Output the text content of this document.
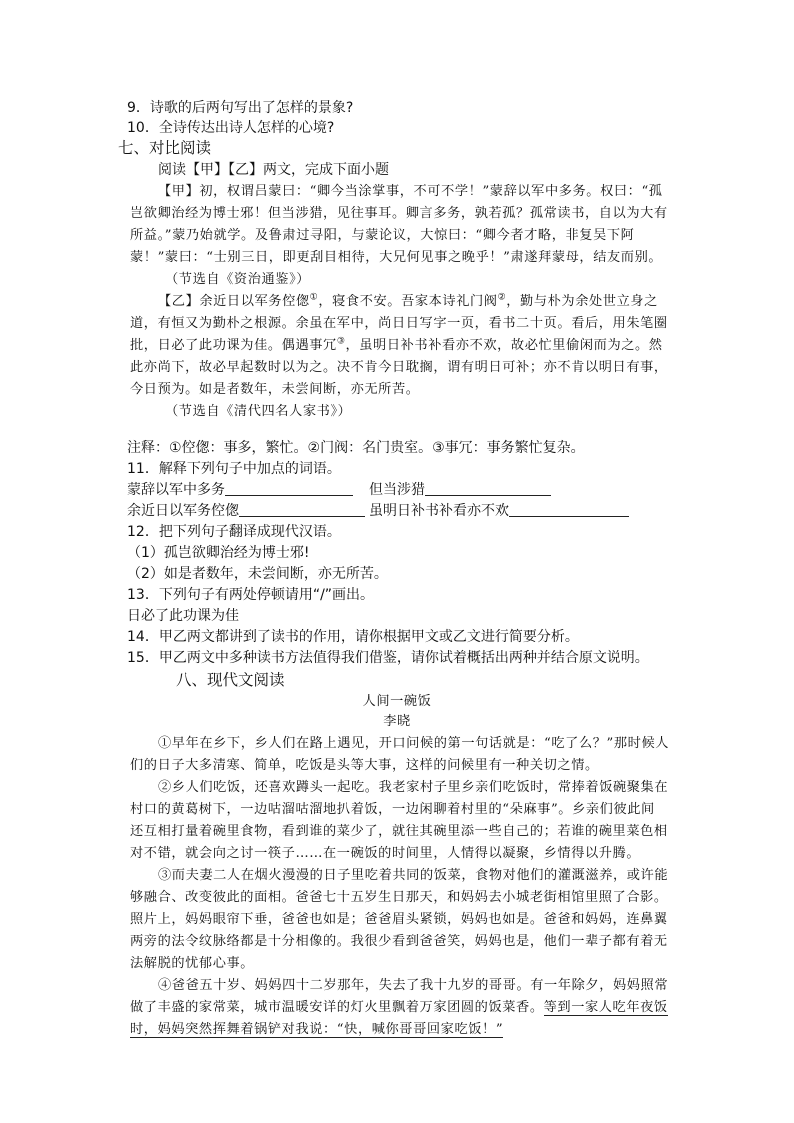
9．诗歌的后两句写出了怎样的景象?
10．全诗传达出诗人怎样的心境?
七、对比阅读
阅读【甲】【乙】两文，完成下面小题
【甲】初，权谓吕蒙曰：“卿今当涂掌事，不可不学！”蒙辞以军中多务。权曰：“孤
岂欲卿治经为博士邪！但当涉猎，见往事耳。卿言多务，孰若孤？孤常读书，自以为大有
所益。”蒙乃始就学。及鲁肃过寻阳，与蒙论议，大惊曰：“卿今者才略，非复吴下阿
蒙！”蒙曰：“士别三日，即更刮目相待，大兄何见事之晚乎！”肃遂拜蒙母，结友而别。
（节选自《资治通鉴》）
【乙】余近日以军务倥偬①，寝食不安。吾家本诗礼门阀②，勤与朴为余处世立身之
道，有恒又为勤朴之根源。余虽在军中，尚日日写字一页，看书二十页。看后，用朱笔圈
批，日必了此功课为佳。偶遇事冗③，虽明日补书补看亦不欢，故必忙里偷闲而为之。然
此亦尚下，故必早起数时以为之。决不肯今日耽搁，谓有明日可补；亦不肯以明日有事，
今日预为。如是者数年，未尝间断，亦无所苦。
（节选自《清代四名人家书》）
注释：①倥偬：事多，繁忙。②门阀：名门贵室。③事冗：事务繁忙复杂。
11．解释下列句子中加点的词语。
蒙辞以军中多务	但当涉猎
余近日以军务倥偬	虽明日补书补看亦不欢
12．把下列句子翻译成现代汉语。
（1）孤岂欲卿治经为博士邪!
（2）如是者数年，未尝间断，亦无所苦。
13．下列句子有两处停顿请用“/”画出。
日必了此功课为佳
14．甲乙两文都讲到了读书的作用，请你根据甲文或乙文进行简要分析。
15．甲乙两文中多种读书方法值得我们借鉴，请你试着概括出两种并结合原文说明。
八、现代文阅读
人间一碗饭
李晓
①早年在乡下，乡人们在路上遇见，开口问候的第一句话就是：“吃了么？”那时候人
们的日子大多清寒、简单，吃饭是头等大事，这样的问候里有一种关切之情。
②乡人们吃饭，还喜欢蹲头一起吃。我老家村子里乡亲们吃饭时，常捧着饭碗聚集在
村口的黄葛树下，一边咕溜咕溜地扒着饭，一边闲聊着村里的“朵麻事”。乡亲们彼此间
还互相打量着碗里食物，看到谁的菜少了，就往其碗里添一些自己的；若谁的碗里菜色相
对不错，就会向之讨一筷子……在一碗饭的时间里，人情得以凝聚，乡情得以升腾。
③而夫妻二人在烟火漫漫的日子里吃着共同的饭菜，食物对他们的灌溉滋养，或许能
够融合、改变彼此的面相。爸爸七十五岁生日那天，和妈妈去小城老街相馆里照了合影。
照片上，妈妈眼帘下垂，爸爸也如是；爸爸眉头紧锁，妈妈也如是。爸爸和妈妈，连鼻翼
两旁的法令纹脉络都是十分相像的。我很少看到爸爸笑，妈妈也是，他们一辈子都有着无
法解脱的忧郁心事。
④爸爸五十岁、妈妈四十二岁那年，失去了我十九岁的哥哥。有一年除夕，妈妈照常
做了丰盛的家常菜，城市温暖安详的灯火里飘着万家团圆的饭菜香。等到一家人吃年夜饭
时，妈妈突然挥舞着锅铲对我说：“快，喊你哥哥回家吃饭！”
